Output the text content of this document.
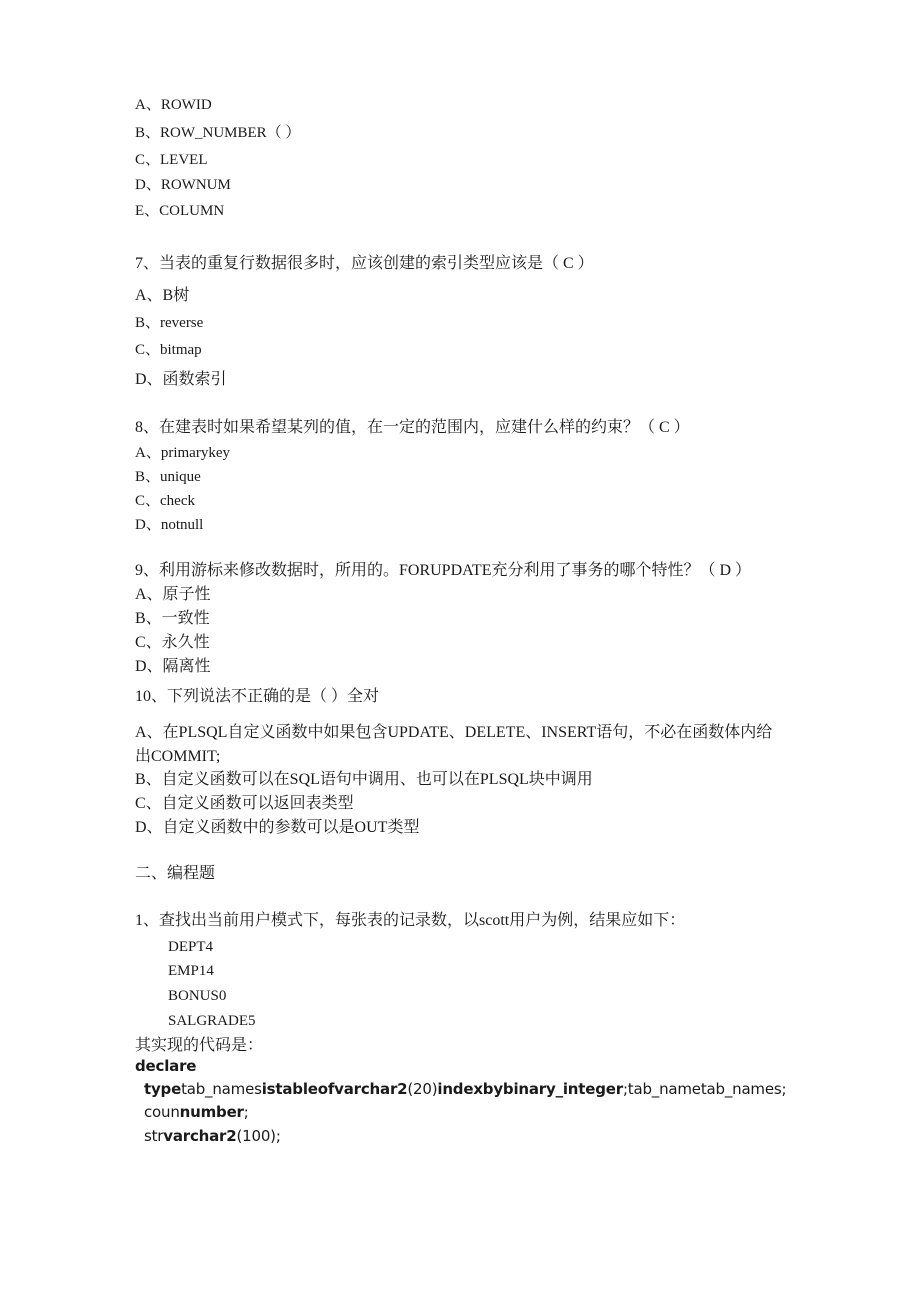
A、ROWID
B、ROW_NUMBER（ ）
C、LEVEL
D、ROWNUM
E、COLUMN
7、当表的重复行数据很多时，应该创建的索引类型应该是（ C ）
A、B树
B、reverse
C、bitmap
D、函数索引
8、在建表时如果希望某列的值，在一定的范围内，应建什么样的约束？（ C ）
A、primarykey
B、unique
C、check
D、notnull
9、利用游标来修改数据时，所用的。FORUPDATE充分利用了事务的哪个特性？（ D ）
A、原子性
B、一致性
C、永久性
D、隔离性
10、下列说法不正确的是（ ）全对
A、在PLSQL自定义函数中如果包含UPDATE、DELETE、INSERT语句，不必在函数体内给
出COMMIT;
B、自定义函数可以在SQL语句中调用、也可以在PLSQL块中调用
C、自定义函数可以返回表类型
D、自定义函数中的参数可以是OUT类型
二、编程题
1、查找出当前用户模式下，每张表的记录数，以scott用户为例，结果应如下：
DEPT4
EMP14
BONUS0
SALGRADE5
其实现的代码是：
declare
typetab_namesistableofvarchar2(20)indexbybinary_integer;tab_nametab_names;
counnumber;
strvarchar2(100);
